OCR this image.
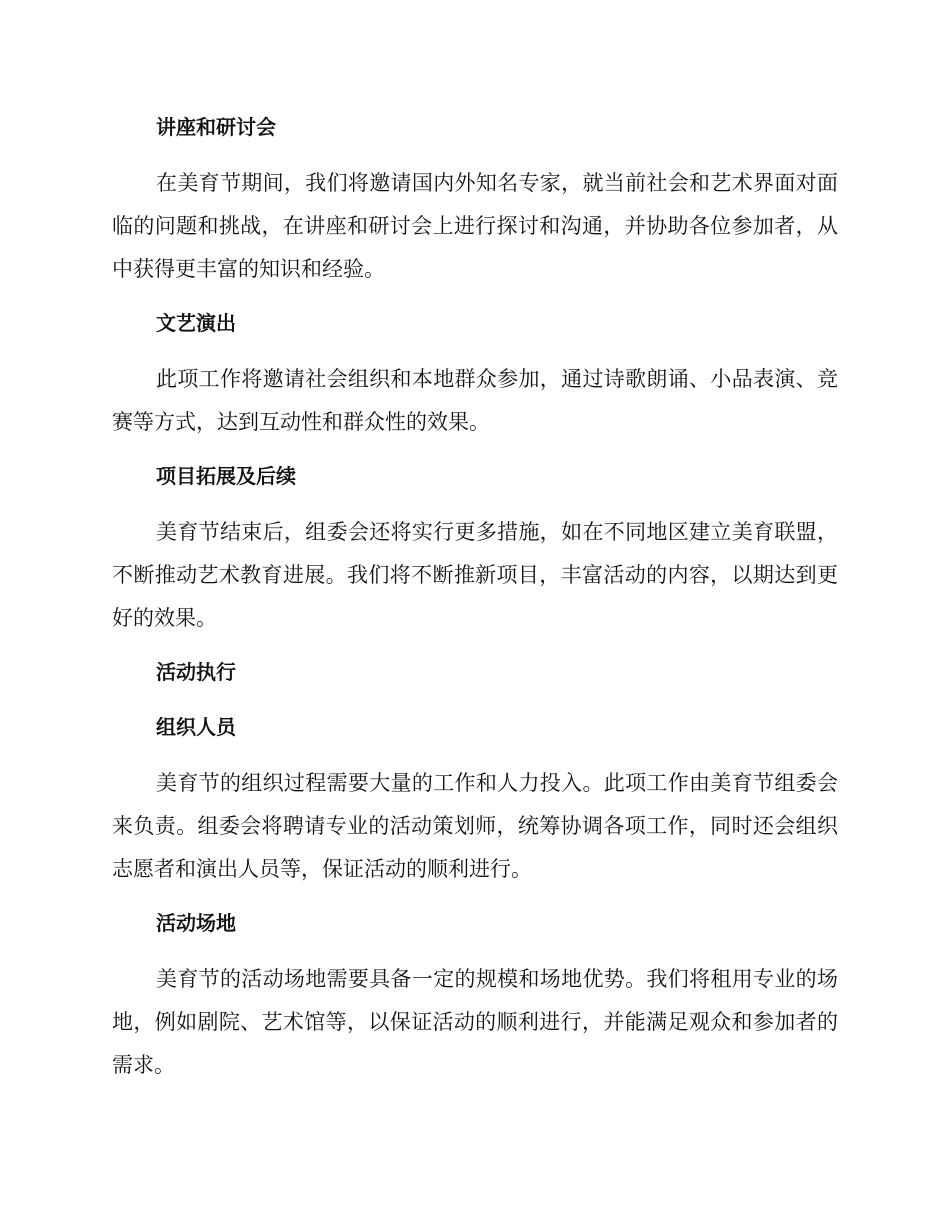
讲座和研讨会

在美育节期间，我们将邀请国内外知名专家，就当前社会和艺术界面对面临的问题和挑战，在讲座和研讨会上进行探讨和沟通，并协助各位参加者，从中获得更丰富的知识和经验。

文艺演出

此项工作将邀请社会组织和本地群众参加，通过诗歌朗诵、小品表演、竞赛等方式，达到互动性和群众性的效果。

项目拓展及后续

美育节结束后，组委会还将实行更多措施，如在不同地区建立美育联盟，不断推动艺术教育进展。我们将不断推新项目，丰富活动的内容，以期达到更好的效果。

活动执行
组织人员

美育节的组织过程需要大量的工作和人力投入。此项工作由美育节组委会来负责。组委会将聘请专业的活动策划师，统筹协调各项工作，同时还会组织志愿者和演出人员等，保证活动的顺利进行。

活动场地

美育节的活动场地需要具备一定的规模和场地优势。我们将租用专业的场地，例如剧院、艺术馆等，以保证活动的顺利进行，并能满足观众和参加者的需求。
